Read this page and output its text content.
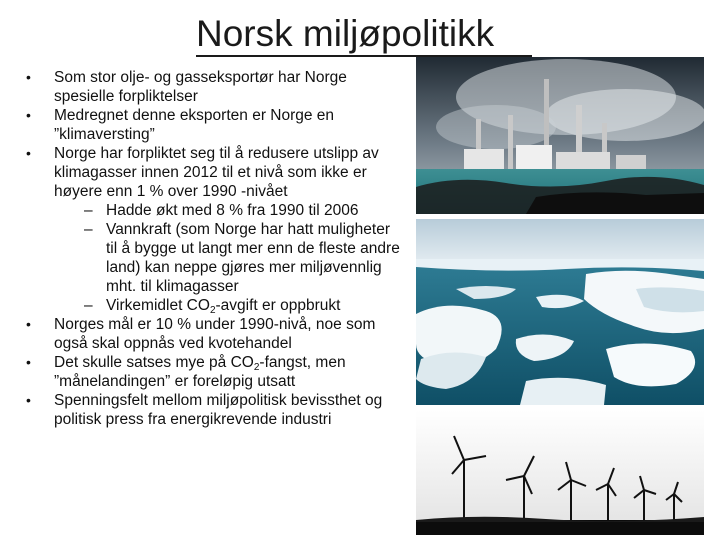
Norsk miljøpolitikk
•	Som stor olje- og gasseksportør har Norge spesielle forpliktelser
•	Medregnet denne eksporten er Norge en ”klimaversting”
•	Norge har forpliktet seg til å redusere utslipp av klimagasser innen 2012 til et nivå som ikke er høyere enn 1 % over 1990 -nivået
– Hadde økt med 8 % fra 1990 til 2006
– Vannkraft (som Norge har hatt muligheter til å bygge ut langt mer enn de fleste andre land) kan neppe gjøres mer miljøvennlig mht. til klimagasser
– Virkemidlet $CO_2$-avgift er oppbrukt
•	Norges mål er 10 % under 1990-nivå, noe som også skal oppnås ved kvotehandel
•	Det skulle satses mye på $CO_2$-fangst, men ”månelandingen” er foreløpig utsatt
•	Spenningsfelt mellom miljøpolitisk bevissthet og politisk press fra energikrevende industri
